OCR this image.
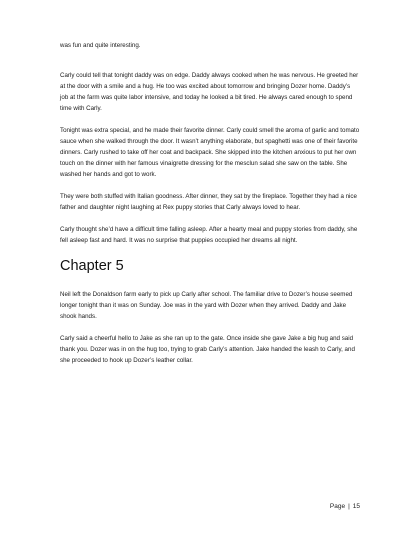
was fun and quite interesting.

Carly could tell that tonight daddy was on edge. Daddy always cooked when he was nervous. He greeted her at the door with a smile and a hug. He too was excited about tomorrow and bringing Dozer home. Daddy’s job at the farm was quite labor intensive, and today he looked a bit tired. He always cared enough to spend time with Carly.

Tonight was extra special, and he made their favorite dinner. Carly could smell the aroma of garlic and tomato sauce when she walked through the door. It wasn’t anything elaborate, but spaghetti was one of their favorite dinners. Carly rushed to take off her coat and backpack. She skipped into the kitchen anxious to put her own touch on the dinner with her famous vinaigrette dressing for the mesclun salad she saw on the table. She washed her hands and got to work.

They were both stuffed with Italian goodness. After dinner, they sat by the fireplace. Together they had a nice father and daughter night laughing at Rex puppy stories that Carly always loved to hear.

Carly thought she’d have a difficult time falling asleep. After a hearty meal and puppy stories from daddy, she fell asleep fast and hard. It was no surprise that puppies occupied her dreams all night.

Chapter 5

Neil left the Donaldson farm early to pick up Carly after school. The familiar drive to Dozer’s house seemed longer tonight than it was on Sunday. Joe was in the yard with Dozer when they arrived. Daddy and Jake shook hands.

Carly said a cheerful hello to Jake as she ran up to the gate. Once inside she gave Jake a big hug and said thank you. Dozer was in on the hug too, trying to grab Carly’s attention. Jake handed the leash to Carly, and she proceeded to hook up Dozer’s leather collar.

Page | 15
